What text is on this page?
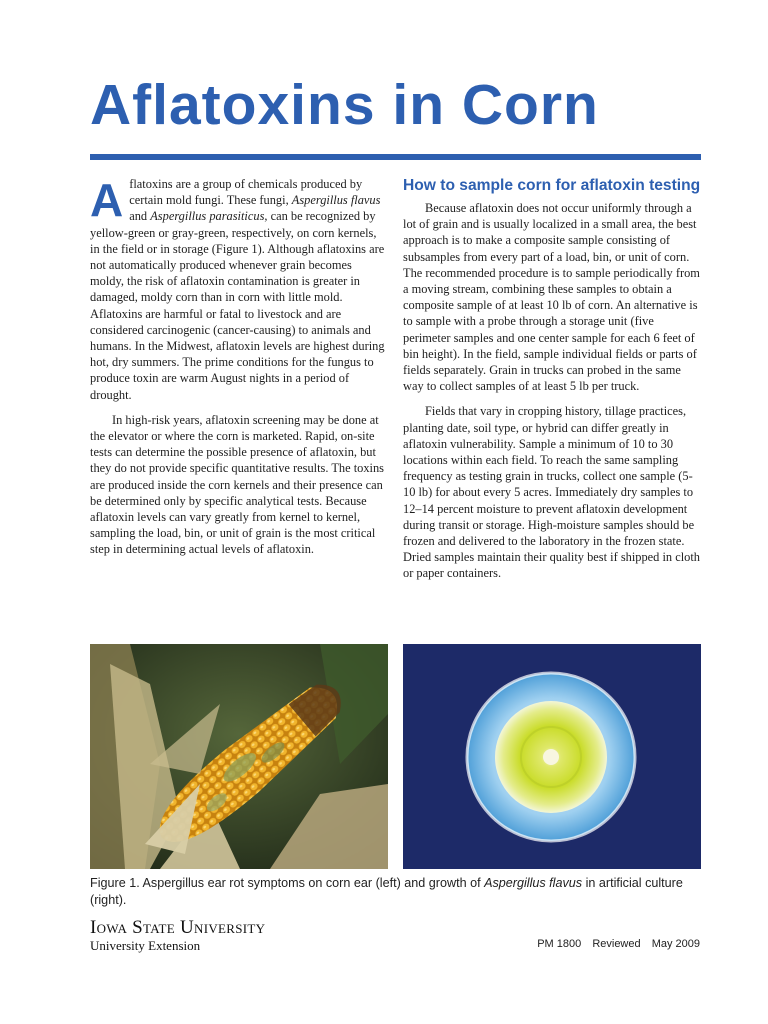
Aflatoxins in Corn

Aflatoxins are a group of chemicals produced by certain mold fungi. These fungi, Aspergillus flavus and Aspergillus parasiticus, can be recognized by yellow-green or gray-green, respectively, on corn kernels, in the field or in storage (Figure 1). Although aflatoxins are not automatically produced whenever grain becomes moldy, the risk of aflatoxin contamination is greater in damaged, moldy corn than in corn with little mold. Aflatoxins are harmful or fatal to livestock and are considered carcinogenic (cancer-causing) to animals and humans. In the Midwest, aflatoxin levels are highest during hot, dry summers. The prime conditions for the fungus to produce toxin are warm August nights in a period of drought.

In high-risk years, aflatoxin screening may be done at the elevator or where the corn is marketed. Rapid, on-site tests can determine the possible presence of aflatoxin, but they do not provide specific quantitative results. The toxins are produced inside the corn kernels and their presence can be determined only by specific analytical tests. Because aflatoxin levels can vary greatly from kernel to kernel, sampling the load, bin, or unit of grain is the most critical step in determining actual levels of aflatoxin.

How to sample corn for aflatoxin testing

Because aflatoxin does not occur uniformly through a lot of grain and is usually localized in a small area, the best approach is to make a composite sample consisting of subsamples from every part of a load, bin, or unit of corn. The recommended procedure is to sample periodically from a moving stream, combining these samples to obtain a composite sample of at least 10 lb of corn. An alternative is to sample with a probe through a storage unit (five perimeter samples and one center sample for each 6 feet of bin height). In the field, sample individual fields or parts of fields separately. Grain in trucks can probed in the same way to collect samples of at least 5 lb per truck.

Fields that vary in cropping history, tillage practices, planting date, soil type, or hybrid can differ greatly in aflatoxin vulnerability. Sample a minimum of 10 to 30 locations within each field. To reach the same sampling frequency as testing grain in trucks, collect one sample (5-10 lb) for about every 5 acres. Immediately dry samples to 12–14 percent moisture to prevent aflatoxin development during transit or storage. High-moisture samples should be frozen and delivered to the laboratory in the frozen state. Dried samples maintain their quality best if shipped in cloth or paper containers.

Figure 1. Aspergillus ear rot symptoms on corn ear (left) and growth of Aspergillus flavus in artificial culture (right).
Iowa State University
University Extension	PM 1800 Reviewed May 2009
